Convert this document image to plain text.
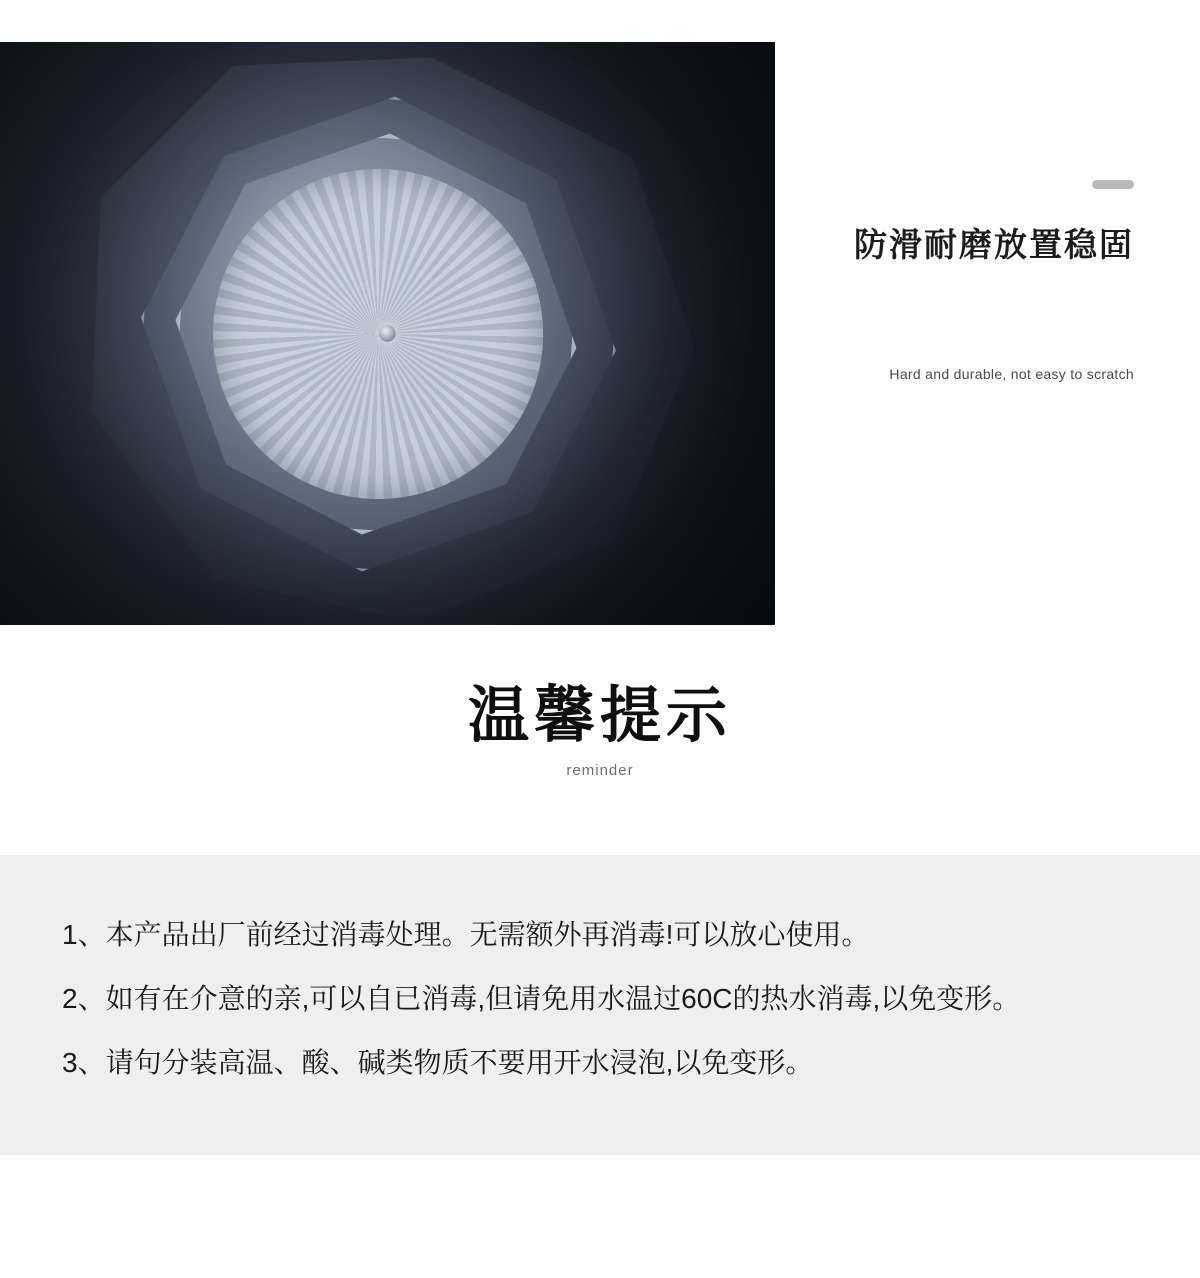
防滑耐磨放置稳固

Hard and durable, not easy to scratch

温馨提示

reminder

1、本产品出厂前经过消毒处理。无需额外再消毒!可以放心使用。

2、如有在介意的亲,可以自已消毒,但请免用水温过60C的热水消毒,以免变形。

3、请句分装高温、酸、碱类物质不要用开水浸泡,以免变形。
